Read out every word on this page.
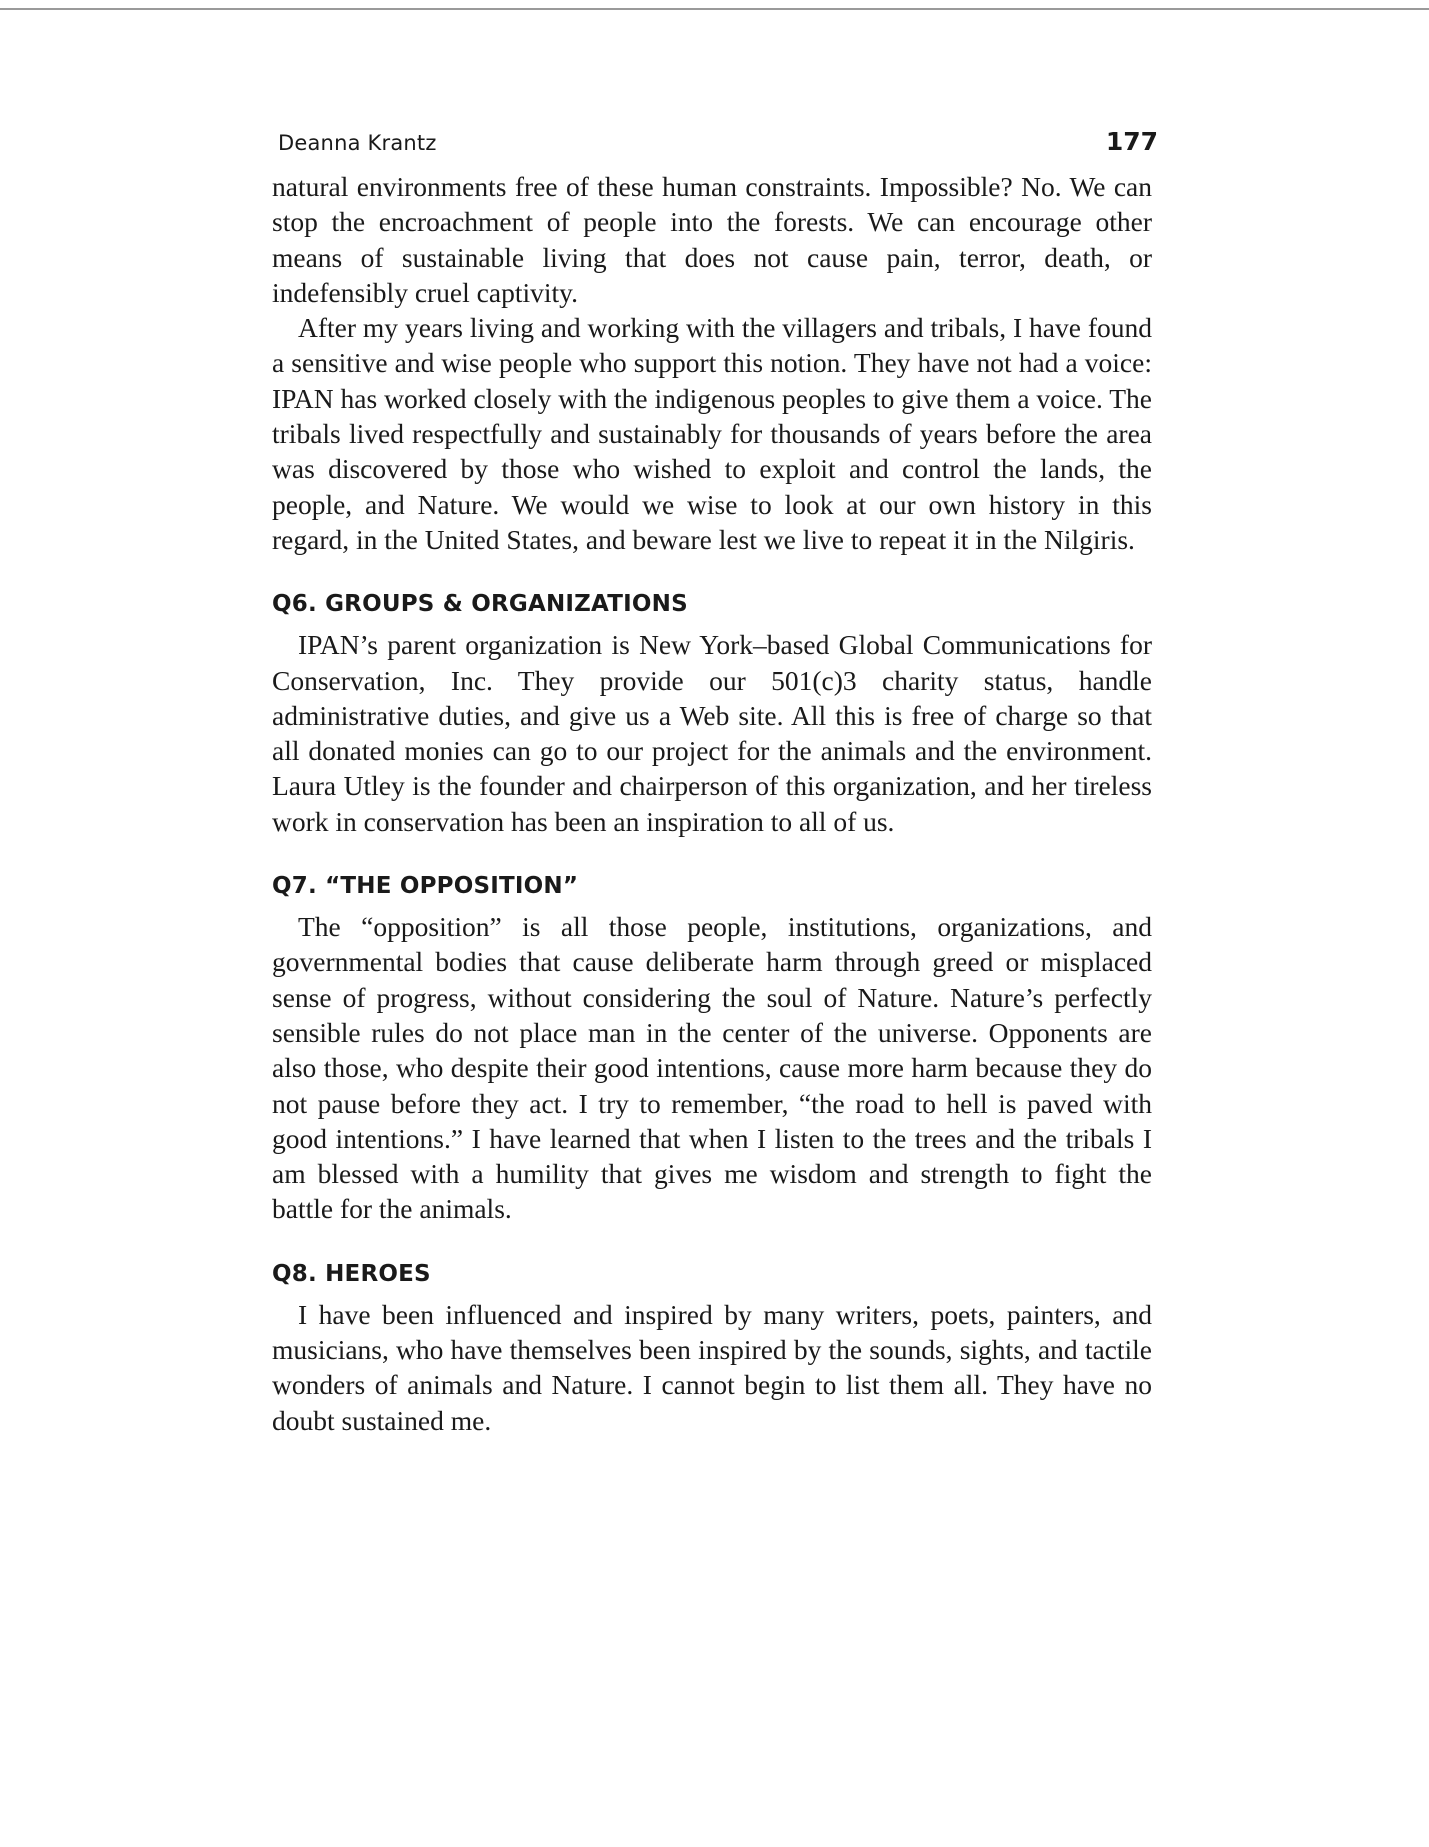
Deanna Krantz	177

natural environments free of these human constraints. Impossible? No. We can stop the encroachment of people into the forests. We can encourage other means of sustainable living that does not cause pain, terror, death, or indefensibly cruel captivity.

After my years living and working with the villagers and tribals, I have found a sensitive and wise people who support this notion. They have not had a voice: IPAN has worked closely with the indigenous peoples to give them a voice. The tribals lived respectfully and sustainably for thousands of years before the area was discovered by those who wished to exploit and control the lands, the people, and Nature. We would we wise to look at our own history in this regard, in the United States, and beware lest we live to repeat it in the Nilgiris.

Q6. GROUPS & ORGANIZATIONS

IPAN’s parent organization is New York–based Global Communications for Conservation, Inc. They provide our 501(c)3 charity status, handle administrative duties, and give us a Web site. All this is free of charge so that all donated monies can go to our project for the animals and the environment. Laura Utley is the founder and chairperson of this organization, and her tireless work in conservation has been an inspiration to all of us.

Q7. “THE OPPOSITION”

The “opposition” is all those people, institutions, organizations, and governmental bodies that cause deliberate harm through greed or misplaced sense of progress, without considering the soul of Nature. Nature’s perfectly sensible rules do not place man in the center of the universe. Opponents are also those, who despite their good intentions, cause more harm because they do not pause before they act. I try to remember, “the road to hell is paved with good intentions.” I have learned that when I listen to the trees and the tribals I am blessed with a humility that gives me wisdom and strength to fight the battle for the animals.

Q8. HEROES

I have been influenced and inspired by many writers, poets, painters, and musicians, who have themselves been inspired by the sounds, sights, and tactile wonders of animals and Nature. I cannot begin to list them all. They have no doubt sustained me.
